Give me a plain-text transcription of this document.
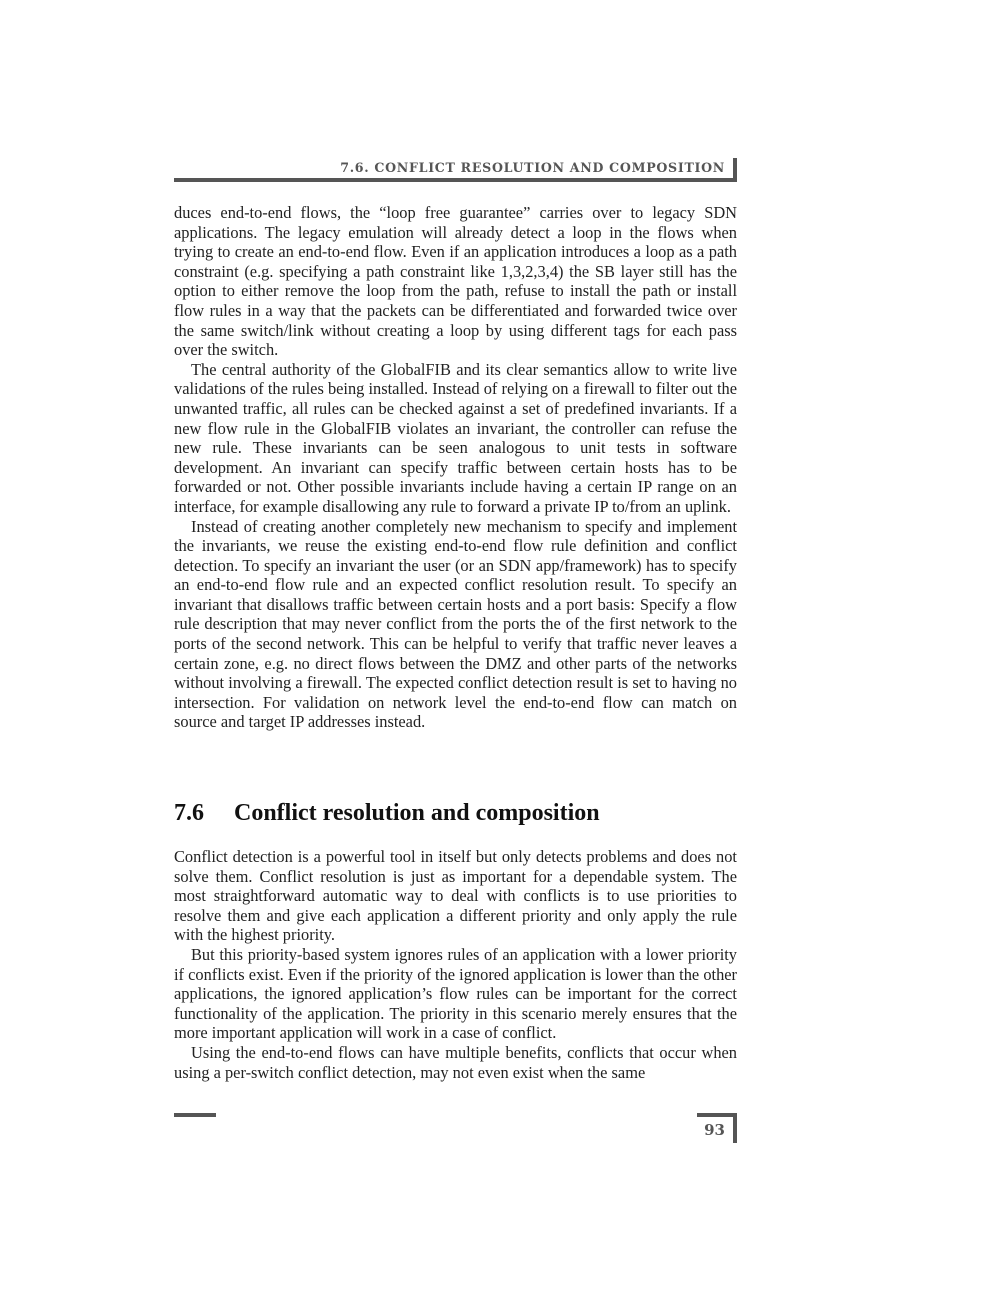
7.6. CONFLICT RESOLUTION AND COMPOSITION

duces end-to-end flows, the “loop free guarantee” carries over to legacy SDN applications. The legacy emulation will already detect a loop in the flows when trying to create an end-to-end flow. Even if an application introduces a loop as a path constraint (e.g. specifying a path constraint like 1,3,2,3,4) the SB layer still has the option to either remove the loop from the path, refuse to install the path or install flow rules in a way that the packets can be differentiated and forwarded twice over the same switch/link without creating a loop by using different tags for each pass over the switch.

The central authority of the GlobalFIB and its clear semantics allow to write live validations of the rules being installed. Instead of relying on a firewall to filter out the unwanted traffic, all rules can be checked against a set of predefined invariants. If a new flow rule in the GlobalFIB violates an invariant, the controller can refuse the new rule. These invariants can be seen analogous to unit tests in software development. An invariant can specify traffic between certain hosts has to be forwarded or not. Other possible invariants include having a certain IP range on an interface, for example disallowing any rule to forward a private IP to/from an uplink.

Instead of creating another completely new mechanism to specify and implement the invariants, we reuse the existing end-to-end flow rule definition and conflict detection. To specify an invariant the user (or an SDN app/framework) has to specify an end-to-end flow rule and an expected conflict resolution result. To specify an invariant that disallows traffic between certain hosts and a port basis: Specify a flow rule description that may never conflict from the ports the of the first network to the ports of the second network. This can be helpful to verify that traffic never leaves a certain zone, e.g. no direct flows between the DMZ and other parts of the networks without involving a firewall. The expected conflict detection result is set to having no intersection. For validation on network level the end-to-end flow can match on source and target IP addresses instead.

7.6 Conflict resolution and composition

Conflict detection is a powerful tool in itself but only detects problems and does not solve them. Conflict resolution is just as important for a dependable system. The most straightforward automatic way to deal with conflicts is to use priorities to resolve them and give each application a different priority and only apply the rule with the highest priority.

But this priority-based system ignores rules of an application with a lower priority if conflicts exist. Even if the priority of the ignored application is lower than the other applications, the ignored application’s flow rules can be important for the correct functionality of the application. The priority in this scenario merely ensures that the more important application will work in a case of conflict.

Using the end-to-end flows can have multiple benefits, conflicts that occur when using a per-switch conflict detection, may not even exist when the same

93
